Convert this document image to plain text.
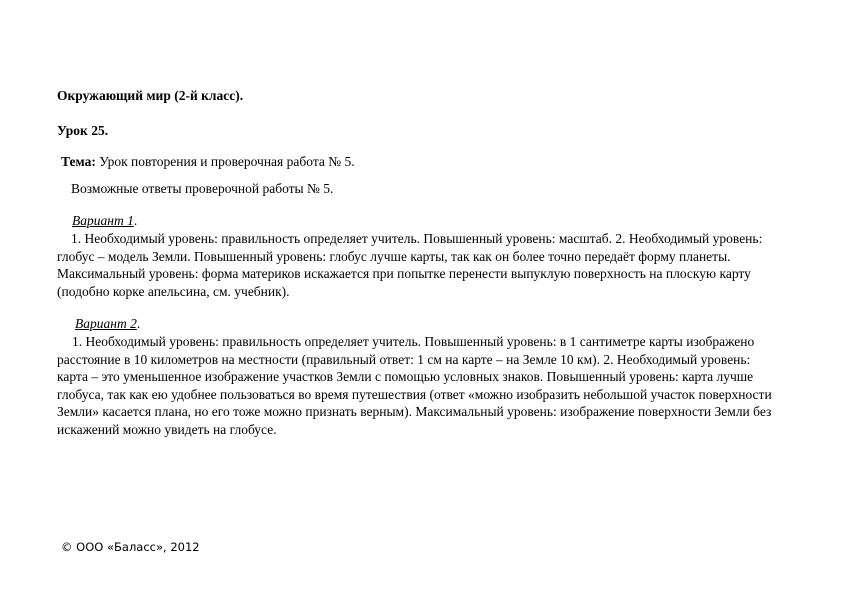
Окружающий мир (2-й класс).
Урок 25.
Тема: Урок повторения и проверочная работа № 5.
Возможные ответы проверочной работы № 5.
Вариант 1.
1. Необходимый уровень: правильность определяет учитель. Повышенный уровень: масштаб. 2. Необходимый уровень: глобус – модель Земли. Повышенный уровень: глобус лучше карты, так как он более точно передаёт форму планеты. Максимальный уровень: форма материков искажается при попытке перенести выпуклую поверхность на плоскую карту (подобно корке апельсина, см. учебник).
Вариант 2.
1. Необходимый уровень: правильность определяет учитель. Повышенный уровень: в 1 сантиметре карты изображено расстояние в 10 километров на местности (правильный ответ: 1 см на карте – на Земле 10 км). 2. Необходимый уровень: карта – это уменьшенное изображение участков Земли с помощью условных знаков. Повышенный уровень: карта лучше глобуса, так как ею удобнее пользоваться во время путешествия (ответ «можно изобразить небольшой участок поверхности Земли» касается плана, но его тоже можно признать верным). Максимальный уровень: изображение поверхности Земли без искажений можно увидеть на глобусе.
© ООО «Баласс», 2012
